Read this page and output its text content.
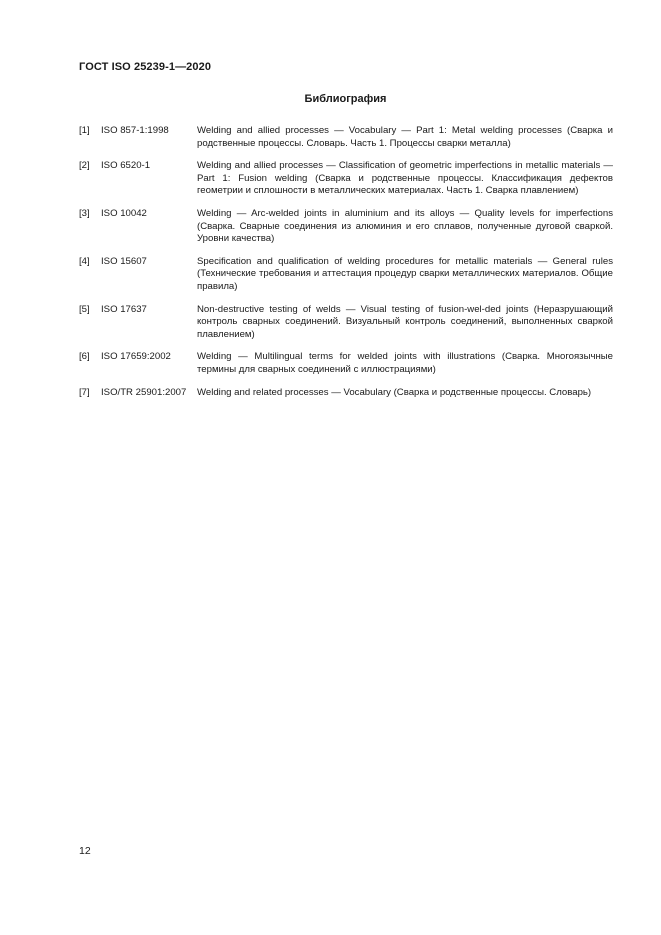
ГОСТ ISO 25239-1—2020
Библиография
[1]	ISO 857-1:1998	Welding and allied processes — Vocabulary — Part 1: Metal welding processes (Сварка и родственные процессы. Словарь. Часть 1. Процессы сварки металла)
[2]	ISO 6520-1	Welding and allied processes — Classification of geometric imperfections in metallic materials — Part 1: Fusion welding (Сварка и родственные процессы. Классификация дефектов геометрии и сплошности в металлических материалах. Часть 1. Сварка плавлением)
[3]	ISO 10042	Welding — Arc-welded joints in aluminium and its alloys — Quality levels for imperfections (Сварка. Сварные соединения из алюминия и его сплавов, полученные дуговой сваркой. Уровни качества)
[4]	ISO 15607	Specification and qualification of welding procedures for metallic materials — General rules (Технические требования и аттестация процедур сварки металлических материалов. Общие правила)
[5]	ISO 17637	Non-destructive testing of welds — Visual testing of fusion-wel-ded joints (Неразрушающий контроль сварных соединений. Визуальный контроль соединений, выполненных сваркой плавлением)
[6]	ISO 17659:2002	Welding — Multilingual terms for welded joints with illustrations (Сварка. Многоязычные термины для сварных соединений с иллюстрациями)
[7]	ISO/TR 25901:2007	Welding and related processes — Vocabulary (Сварка и родственные процессы. Словарь)
12
